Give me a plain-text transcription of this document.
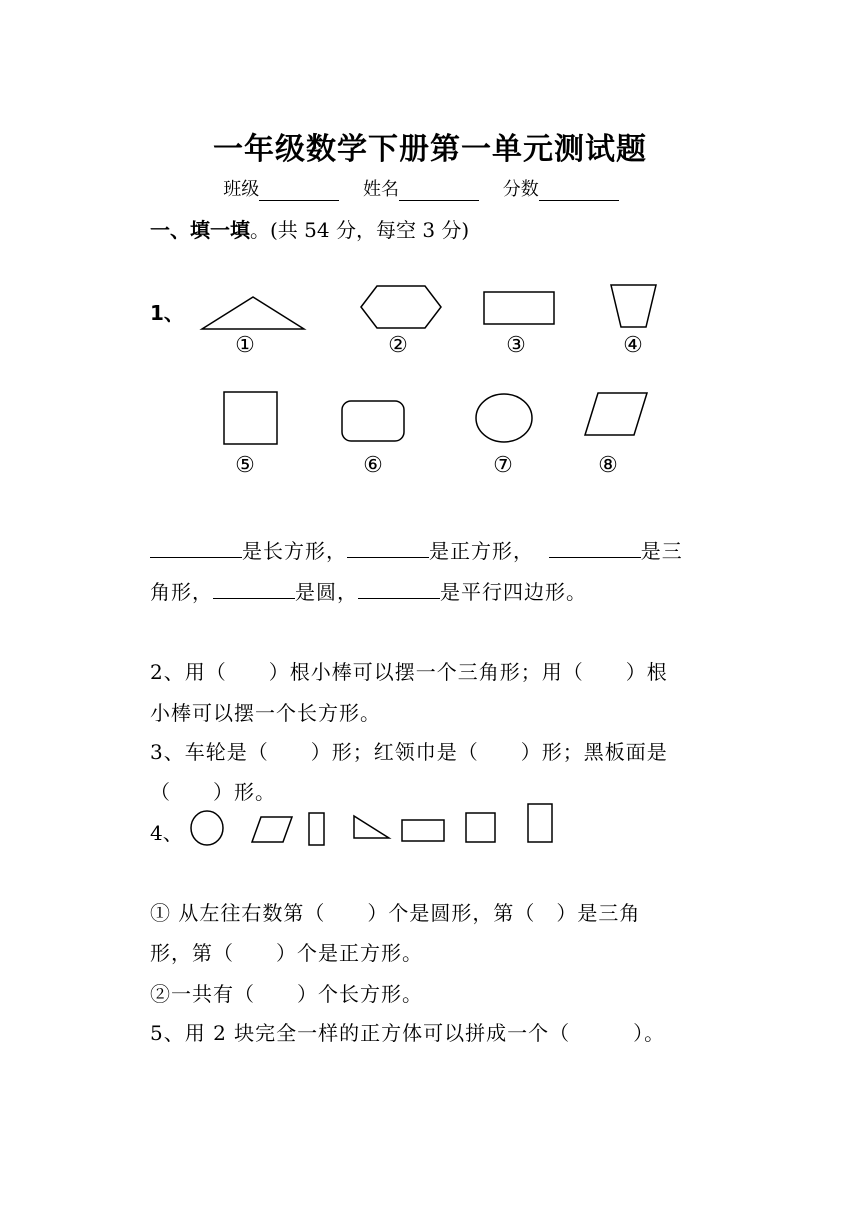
一年级数学下册第一单元测试题
班级	姓名	分数
一、填一填。(共 54 分，每空 3 分)
1、
①	②	③	④
⑤	⑥	⑦	⑧
是长方形，	是正方形，	是三
角形，	是圆，	是平行四边形。
2、用（　　）根小棒可以摆一个三角形；用（　　）根
小棒可以摆一个长方形。
3、车轮是（　　）形；红领巾是（　　）形；黑板面是
（　　）形。
4、
① 从左往右数第（　　）个是圆形，第（　）是三角
形，第（　　）个是正方形。
②一共有（　　）个长方形。
5、用 2 块完全一样的正方体可以拼成一个（　　　）。
